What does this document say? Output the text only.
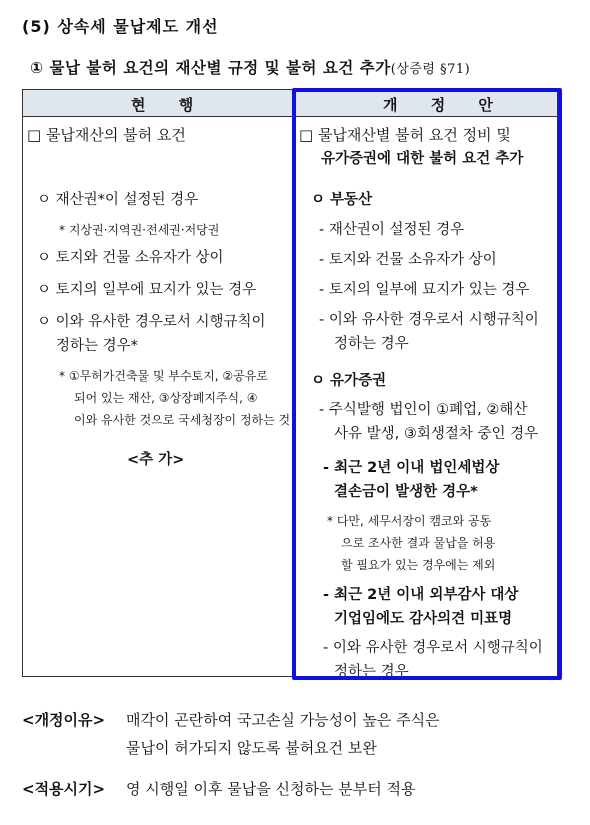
(5) 상속세 물납제도 개선
① 물납 불허 요건의 재산별 규정 및 불허 요건 추가(상증령 §71)
현 행	개 정 안
□ 물납재산의 불허 요건
ㅇ 재산권*이 설정된 경우
* 지상권·지역권·전세권·저당권
ㅇ 토지와 건물 소유자가 상이
ㅇ 토지의 일부에 묘지가 있는 경우
ㅇ 이와 유사한 경우로서 시행규칙이
정하는 경우*
* ①무허가건축물 및 부수토지, ②공유로
되어 있는 재산, ③상장폐지주식, ④
이와 유사한 것으로 국세청장이 정하는 것
<추 가>
□ 물납재산별 불허 요건 정비 및
유가증권에 대한 불허 요건 추가
ㅇ 부동산
- 재산권이 설정된 경우
- 토지와 건물 소유자가 상이
- 토지의 일부에 묘지가 있는 경우
- 이와 유사한 경우로서 시행규칙이
정하는 경우
ㅇ 유가증권
- 주식발행 법인이 ①폐업, ②해산
사유 발생, ③회생절차 중인 경우
- 최근 2년 이내 법인세법상
결손금이 발생한 경우*
* 다만, 세무서장이 캠코와 공동
으로 조사한 결과 물납을 허용
할 필요가 있는 경우에는 제외
- 최근 2년 이내 외부감사 대상
기업임에도 감사의견 미표명
- 이와 유사한 경우로서 시행규칙이
정하는 경우
<개정이유> 매각이 곤란하여 국고손실 가능성이 높은 주식은
물납이 허가되지 않도록 불허요건 보완
<적용시기> 영 시행일 이후 물납을 신청하는 분부터 적용
